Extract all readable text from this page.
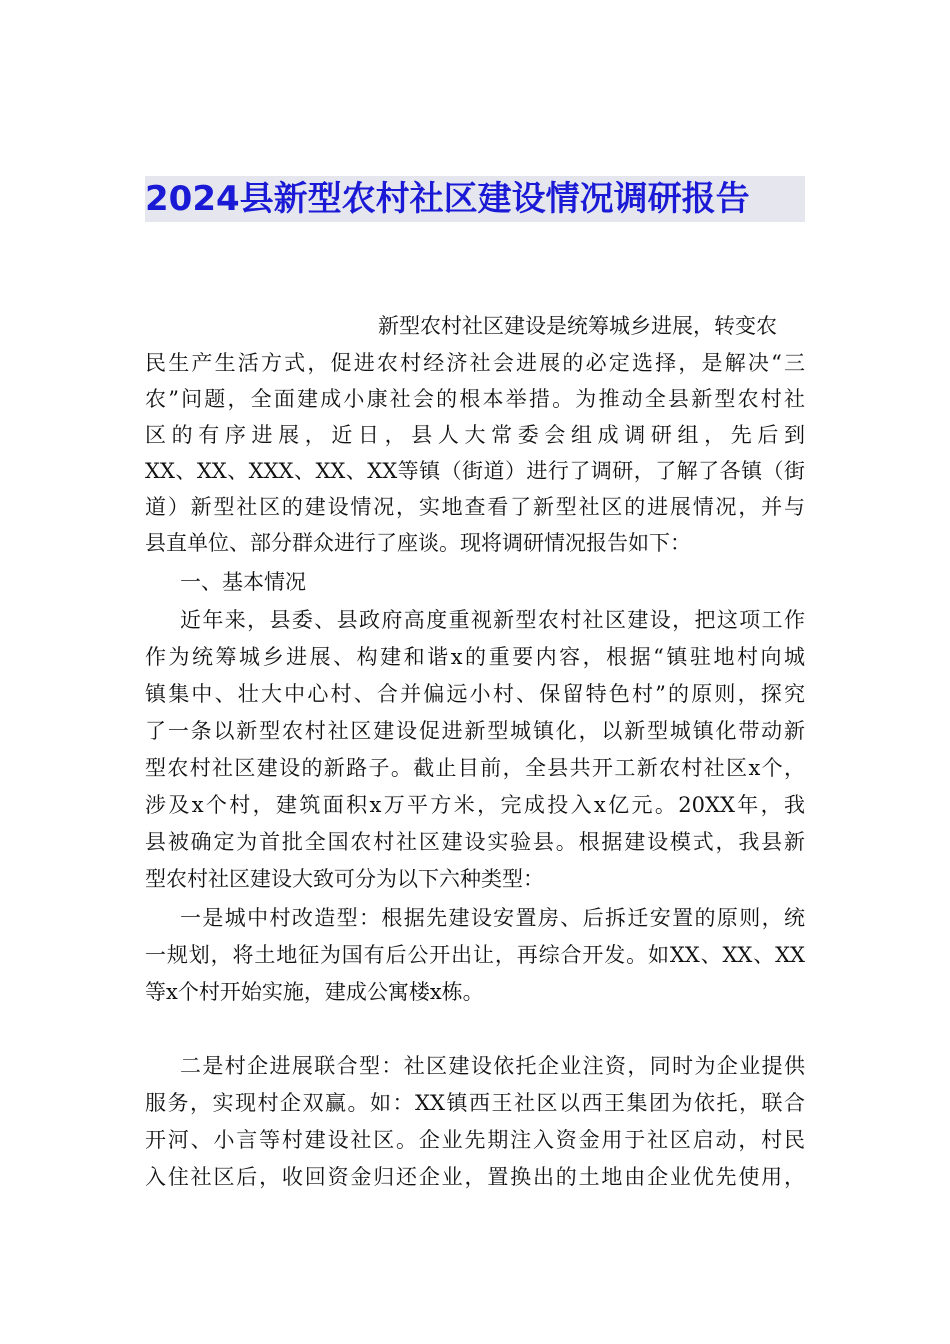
2024县新型农村社区建设情况调研报告
新型农村社区建设是统筹城乡进展，转变农
民生产生活方式，促进农村经济社会进展的必定选择，是解决“三
农”问题，全面建成小康社会的根本举措。为推动全县新型农村社
区的有序进展，近日，县人大常委会组成调研组，先后到
XX、XX、XXX、XX、XX等镇（街道）进行了调研，了解了各镇（街
道）新型社区的建设情况，实地查看了新型社区的进展情况，并与
县直单位、部分群众进行了座谈。现将调研情况报告如下：
一、基本情况
近年来，县委、县政府高度重视新型农村社区建设，把这项工作
作为统筹城乡进展、构建和谐x的重要内容，根据“镇驻地村向城
镇集中、壮大中心村、合并偏远小村、保留特色村”的原则，探究
了一条以新型农村社区建设促进新型城镇化，以新型城镇化带动新
型农村社区建设的新路子。截止目前，全县共开工新农村社区x个，
涉及x个村，建筑面积x万平方米，完成投入x亿元。20XX年，我
县被确定为首批全国农村社区建设实验县。根据建设模式，我县新
型农村社区建设大致可分为以下六种类型：
一是城中村改造型：根据先建设安置房、后拆迁安置的原则，统
一规划，将土地征为国有后公开出让，再综合开发。如XX、XX、XX
等x个村开始实施，建成公寓楼x栋。
二是村企进展联合型：社区建设依托企业注资，同时为企业提供
服务，实现村企双赢。如：XX镇西王社区以西王集团为依托，联合
开河、小言等村建设社区。企业先期注入资金用于社区启动，村民
入住社区后，收回资金归还企业，置换出的土地由企业优先使用，
